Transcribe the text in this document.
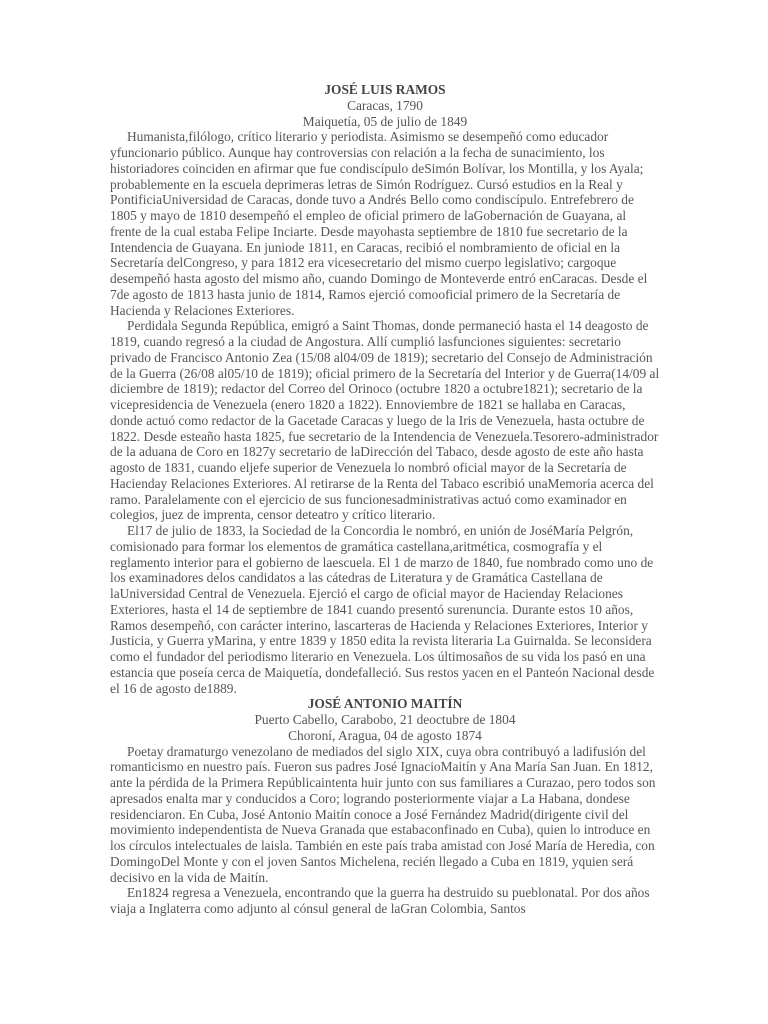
JOSÉ LUIS RAMOS
Caracas, 1790
Maiquetía, 05 de julio de 1849

Humanista,filólogo, crítico literario y periodista. Asimismo se desempeñó como educador yfuncionario público. Aunque hay controversias con relación a la fecha de sunacimiento, los historiadores coinciden en afirmar que fue condiscípulo deSimón Bolívar, los Montilla, y los Ayala; probablemente en la escuela deprimeras letras de Simón Rodríguez. Cursó estudios en la Real y PontificiaUniversidad de Caracas, donde tuvo a Andrés Bello como condiscípulo. Entrefebrero de 1805 y mayo de 1810 desempeñó el empleo de oficial primero de laGobernación de Guayana, al frente de la cual estaba Felipe Inciarte. Desde mayohasta septiembre de 1810 fue secretario de la Intendencia de Guayana. En juniode 1811, en Caracas, recibió el nombramiento de oficial en la Secretaría delCongreso, y para 1812 era vicesecretario del mismo cuerpo legislativo; cargoque desempeñó hasta agosto del mismo año, cuando Domingo de Monteverde entró enCaracas. Desde el 7de agosto de 1813 hasta junio de 1814, Ramos ejerció comooficial primero de la Secretaría de Hacienda y Relaciones Exteriores.

Perdidala Segunda República, emigró a Saint Thomas, donde permaneció hasta el 14 deagosto de 1819, cuando regresó a la ciudad de Angostura. Allí cumplió lasfunciones siguientes: secretario privado de Francisco Antonio Zea (15/08 al04/09 de 1819); secretario del Consejo de Administración de la Guerra (26/08 al05/10 de 1819); oficial primero de la Secretaría del Interior y de Guerra(14/09 al diciembre de 1819); redactor del Correo del Orinoco (octubre 1820 a octubre1821); secretario de la vicepresidencia de Venezuela (enero 1820 a 1822). Ennoviembre de 1821 se hallaba en Caracas, donde actuó como redactor de la Gacetade Caracas y luego de la Iris de Venezuela, hasta octubre de 1822. Desde esteaño hasta 1825, fue secretario de la Intendencia de Venezuela.Tesorero-administrador de la aduana de Coro en 1827y secretario de laDirección del Tabaco, desde agosto de este año hasta agosto de 1831, cuando eljefe superior de Venezuela lo nombró oficial mayor de la Secretaría de Haciendaу Relaciones Exteriores. Al retirarse de la Renta del Tabaco escribió unaMemoria acerca del ramo. Paralelamente con el ejercicio de sus funcionesadministrativas actuó como examinador en colegios, juez de imprenta, censor deteatro y crítico literario.

El17 de julio de 1833, la Sociedad de la Concordia le nombró, en unión de JoséMaría Pelgrón, comisionado para formar los elementos de gramática castellana,aritmética, cosmografía y el reglamento interior para el gobierno de laescuela. El 1 de marzo de 1840, fue nombrado como uno de los examinadores delos candidatos a las cátedras de Literatura y de Gramática Castellana de laUniversidad Central de Venezuela. Ejerció el cargo de oficial mayor de Haciendaу Relaciones Exteriores, hasta el 14 de septiembre de 1841 cuando presentó surenuncia. Durante estos 10 años, Ramos desempeñó, con carácter interino, lascarteras de Hacienda y Relaciones Exteriores, Interior y Justicia, y Guerra yMarina, y entre 1839 y 1850 edita la revista literaria La Guirnalda. Se leconsidera como el fundador del periodismo literario en Venezuela. Los últimosaños de su vida los pasó en una estancia que poseía cerca de Maiquetía, dondefalleció. Sus restos yacen en el Panteón Nacional desde el 16 de agosto de1889.

JOSÉ ANTONIO MAITÍN
Puerto Cabello, Carabobo, 21 deoctubre de 1804
Choroní, Aragua, 04 de agosto 1874

Poetay dramaturgo venezolano de mediados del siglo XIX, cuya obra contribuyó a ladifusión del romanticismo en nuestro país. Fueron sus padres José IgnacioMaitín y Ana María San Juan. En 1812, ante la pérdida de la Primera Repúblicaintenta huir junto con sus familiares a Curazao, pero todos son apresados enalta mar y conducidos a Coro; logrando posteriormente viajar a La Habana, dondese residenciaron. En Cuba, José Antonio Maitín conoce a José Fernández Madrid(dirigente civil del movimiento independentista de Nueva Granada que estabaconfinado en Cuba), quien lo introduce en los círculos intelectuales de laisla. También en este país traba amistad con José María de Heredia, con DomingoDel Monte y con el joven Santos Michelena, recién llegado a Cuba en 1819, yquien será decisivo en la vida de Maitín.

En1824 regresa a Venezuela, encontrando que la guerra ha destruido su pueblonatal. Por dos años viaja a Inglaterra como adjunto al cónsul general de laGran Colombia, Santos
